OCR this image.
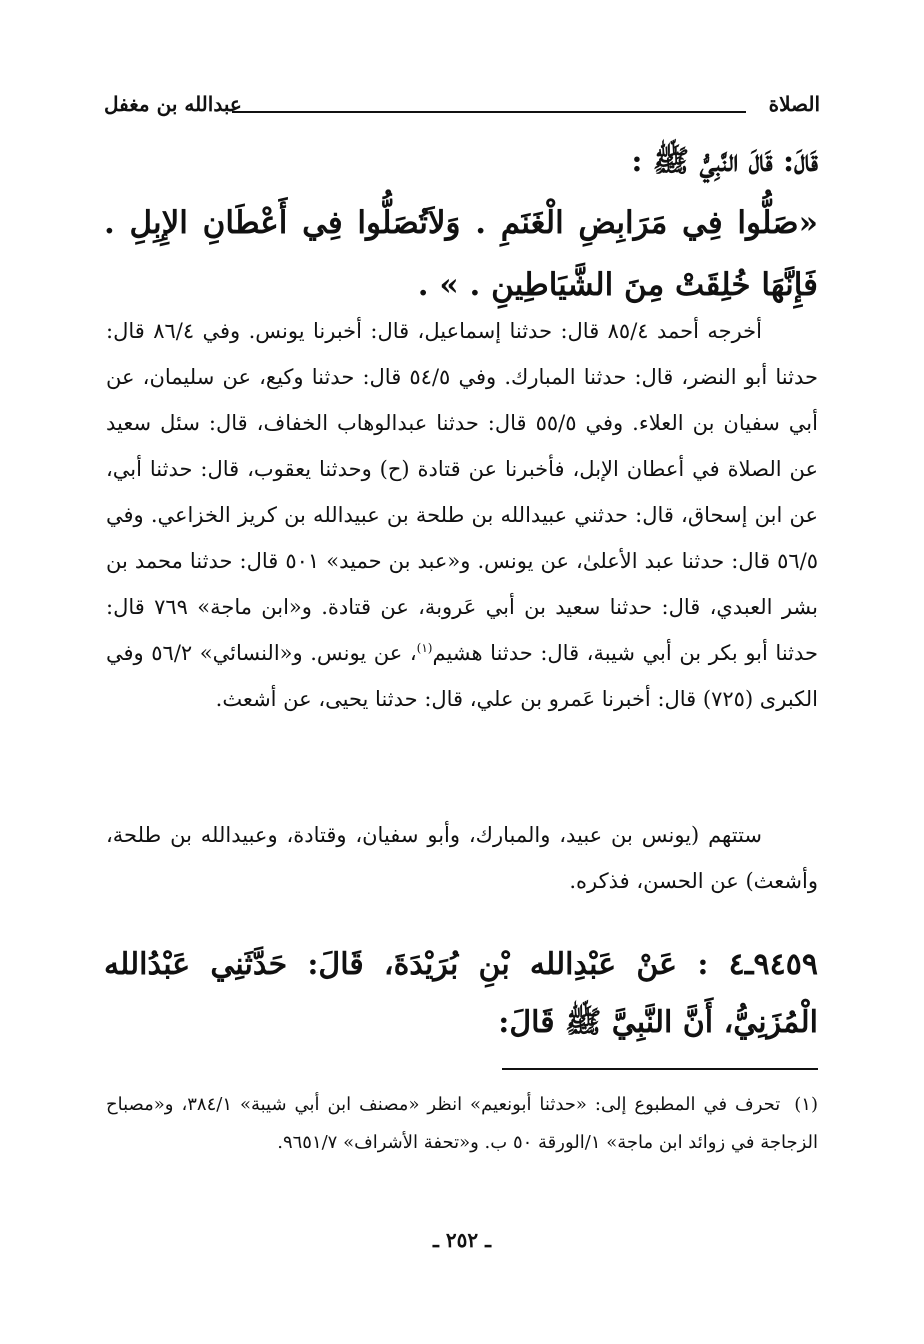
الصلاة
عبدالله بن مغفل
قَالَ: قَالَ النَّبِيُّ ﷺ :
«صَلُّوا فِي مَرَابِضِ الْغَنَمِ . وَلاَتُصَلُّوا فِي أَعْطَانِ الإِبِلِ . فَإِنَّهَا خُلِقَتْ مِنَ الشَّيَاطِينِ . » .
أخرجه أحمد ٨٥/٤ قال: حدثنا إسماعيل، قال: أخبرنا يونس. وفي ٨٦/٤ قال: حدثنا أبو النضر، قال: حدثنا المبارك. وفي ٥٤/٥ قال: حدثنا وكيع، عن سليمان، عن أبي سفيان بن العلاء. وفي ٥٥/٥ قال: حدثنا عبدالوهاب الخفاف، قال: سئل سعيد عن الصلاة في أعطان الإبل، فأخبرنا عن قتادة (ح) وحدثنا يعقوب، قال: حدثنا أبي، عن ابن إسحاق، قال: حدثني عبيدالله بن طلحة بن عبيدالله بن كريز الخزاعي. وفي ٥٦/٥ قال: حدثنا عبد الأعلىٰ، عن يونس. و«عبد بن حميد» ٥٠١ قال: حدثنا محمد بن بشر العبدي، قال: حدثنا سعيد بن أبي عَروبة، عن قتادة. و«ابن ماجة» ٧٦٩ قال: حدثنا أبو بكر بن أبي شيبة، قال: حدثنا هشيم$^{(١)}$، عن يونس. و«النسائي» ٥٦/٢ وفي الكبرى (٧٢٥) قال: أخبرنا عَمرو بن علي، قال: حدثنا يحيى، عن أشعث.
ستتهم (يونس بن عبيد، والمبارك، وأبو سفيان، وقتادة، وعبيدالله بن طلحة، وأشعث) عن الحسن، فذكره.
٩٤٥٩ـ٤ : عَنْ عَبْدِالله بْنِ بُرَيْدَةَ، قَالَ: حَدَّثَنِي عَبْدُالله الْمُزَنِيُّ، أَنَّ النَّبِيَّ ﷺ قَالَ:
(١)تحرف في المطبوع إلى: «حدثنا أبونعيم» انظر «مصنف ابن أبي شيبة» ٣٨٤/١، و«مصباح الزجاجة في زوائد ابن ماجة» ١/الورقة ٥٠ ب. و«تحفة الأشراف» ٩٦٥١/٧.
ـ ٢٥٢ ـ
